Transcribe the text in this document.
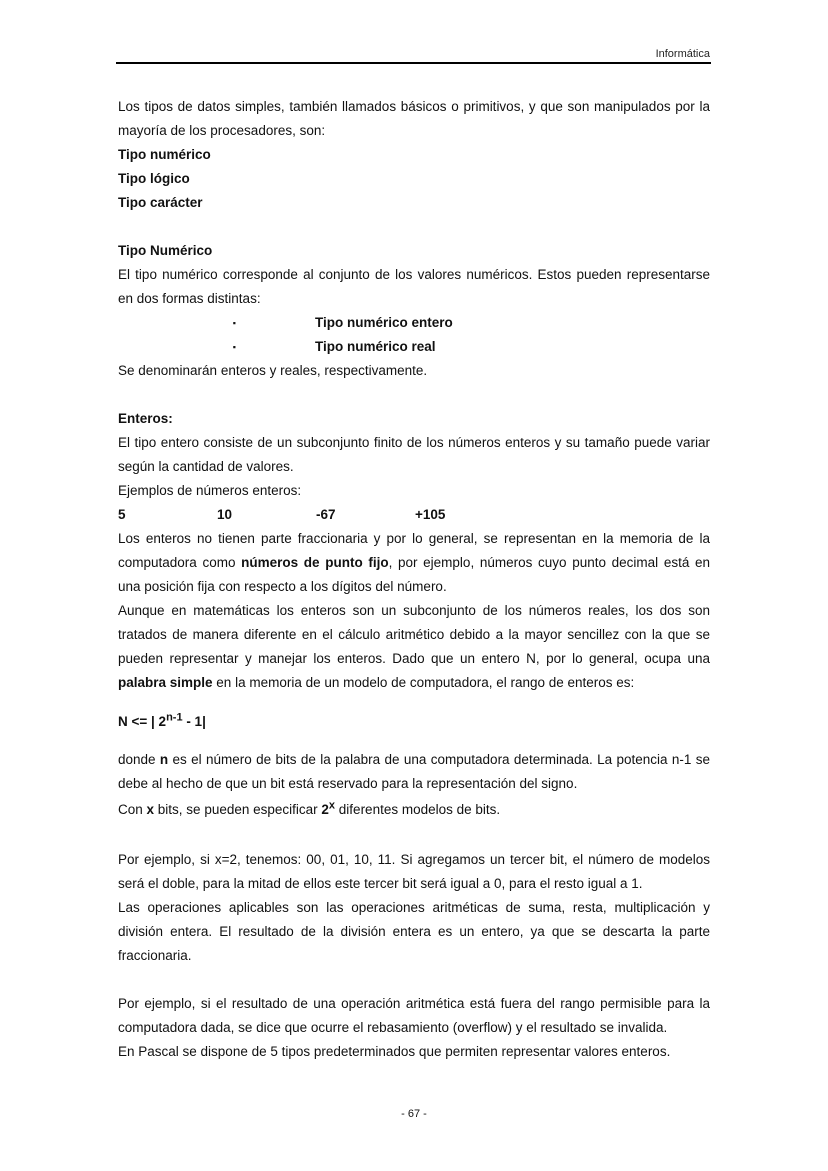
Informática

Los tipos de datos simples, también llamados básicos o primitivos, y que son manipulados por la mayoría de los procesadores, son:

Tipo numérico

Tipo lógico

Tipo carácter

Tipo Numérico

El tipo numérico corresponde al conjunto de los valores numéricos. Estos pueden representarse en dos formas distintas:

▪	Tipo numérico entero
▪	Tipo numérico real

Se denominarán enteros y reales, respectivamente.

Enteros:

El tipo entero consiste de un subconjunto finito de los números enteros y su tamaño puede variar según la cantidad de valores.

Ejemplos de números enteros:

5	10	-67	+105

Los enteros no tienen parte fraccionaria y por lo general, se representan en la memoria de la computadora como números de punto fijo, por ejemplo, números cuyo punto decimal está en una posición fija con respecto a los dígitos del número.

Aunque en matemáticas los enteros son un subconjunto de los números reales, los dos son tratados de manera diferente en el cálculo aritmético debido a la mayor sencillez con la que se pueden representar y manejar los enteros. Dado que un entero N, por lo general, ocupa una palabra simple en la memoria de un modelo de computadora, el rango de enteros es:

N <= | 2$^{n-1}$ - 1|

donde n es el número de bits de la palabra de una computadora determinada. La potencia n-1 se debe al hecho de que un bit está reservado para la representación del signo.

Con x bits, se pueden especificar 2$^x$ diferentes modelos de bits.

Por ejemplo, si x=2, tenemos: 00, 01, 10, 11. Si agregamos un tercer bit, el número de modelos será el doble, para la mitad de ellos este tercer bit será igual a 0, para el resto igual a 1.

Las operaciones aplicables son las operaciones aritméticas de suma, resta, multiplicación y división entera. El resultado de la división entera es un entero, ya que se descarta la parte fraccionaria.

Por ejemplo, si el resultado de una operación aritmética está fuera del rango permisible para la computadora dada, se dice que ocurre el rebasamiento (overflow) y el resultado se invalida.

En Pascal se dispone de 5 tipos predeterminados que permiten representar valores enteros.

- 67 -
